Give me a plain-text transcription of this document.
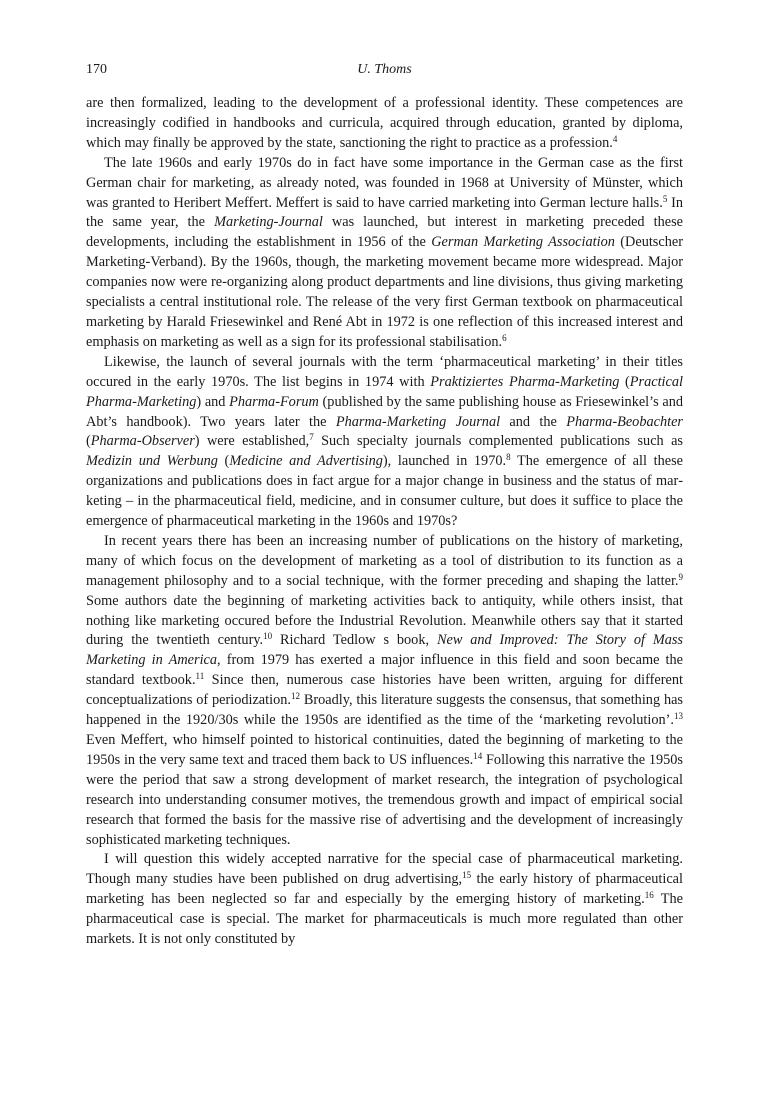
170	U. Thoms

are then formalized, leading to the development of a professional identity. These competences are increasingly codified in handbooks and curricula, acquired through education, granted by diploma, which may finally be approved by the state, sanctioning the right to practice as a profession.$^4$

The late 1960s and early 1970s do in fact have some importance in the German case as the first German chair for marketing, as already noted, was founded in 1968 at University of Münster, which was granted to Heribert Meffert. Meffert is said to have carried marketing into German lecture halls.$^5$ In the same year, the Marketing-Journal was launched, but interest in marketing preceded these developments, including the establishment in 1956 of the German Marketing Association (Deutscher Marketing-Verband). By the 1960s, though, the marketing movement became more widespread. Major companies now were re-organizing along product departments and line divisions, thus giving marketing specialists a central institutional role. The release of the very first German textbook on pharmaceutical marketing by Harald Friesewinkel and René Abt in 1972 is one reflection of this increased interest and emphasis on marketing as well as a sign for its professional stabilisation.$^6$

Likewise, the launch of several journals with the term ‘pharmaceutical marketing’ in their titles occured in the early 1970s. The list begins in 1974 with Praktiziertes Pharma-Marketing (Practical Pharma-Marketing) and Pharma-Forum (published by the same publishing house as Friesewinkel’s and Abt’s handbook). Two years later the Pharma-Marketing Journal and the Pharma-Beobachter (Pharma-Observer) were established,$^7$ Such specialty journals complemented publications such as Medizin und Werbung (Medicine and Advertising), launched in 1970.$^8$ The emergence of all these organizations and publications does in fact argue for a major change in business and the status of marketing – in the pharmaceutical field, medicine, and in consumer culture, but does it suffice to place the emergence of pharmaceutical marketing in the 1960s and 1970s?

In recent years there has been an increasing number of publications on the history of marketing, many of which focus on the development of marketing as a tool of distribution to its function as a management philosophy and to a social technique, with the former preceding and shaping the latter.$^9$ Some authors date the beginning of marketing activities back to antiquity, while others insist, that nothing like marketing occured before the Industrial Revolution. Meanwhile others say that it started during the twentieth century.$^{10}$ Richard Tedlow s book, New and Improved: The Story of Mass Marketing in America, from 1979 has exerted a major influence in this field and soon became the standard textbook.$^{11}$ Since then, numerous case histories have been written, arguing for different conceptualizations of periodization.$^{12}$ Broadly, this literature suggests the consensus, that something has happened in the 1920/30s while the 1950s are identified as the time of the ‘marketing revolution’.$^{13}$ Even Meffert, who himself pointed to historical continuities, dated the beginning of marketing to the 1950s in the very same text and traced them back to US influences.$^{14}$ Following this narrative the 1950s were the period that saw a strong development of market research, the integration of psychological research into understanding consumer motives, the tremendous growth and impact of empirical social research that formed the basis for the massive rise of advertising and the development of increasingly sophisticated marketing techniques.

I will question this widely accepted narrative for the special case of pharmaceutical marketing. Though many studies have been published on drug advertising,$^{15}$ the early history of pharmaceutical marketing has been neglected so far and especially by the emerging history of marketing.$^{16}$ The pharmaceutical case is special. The market for pharmaceuticals is much more regulated than other markets. It is not only constituted by
